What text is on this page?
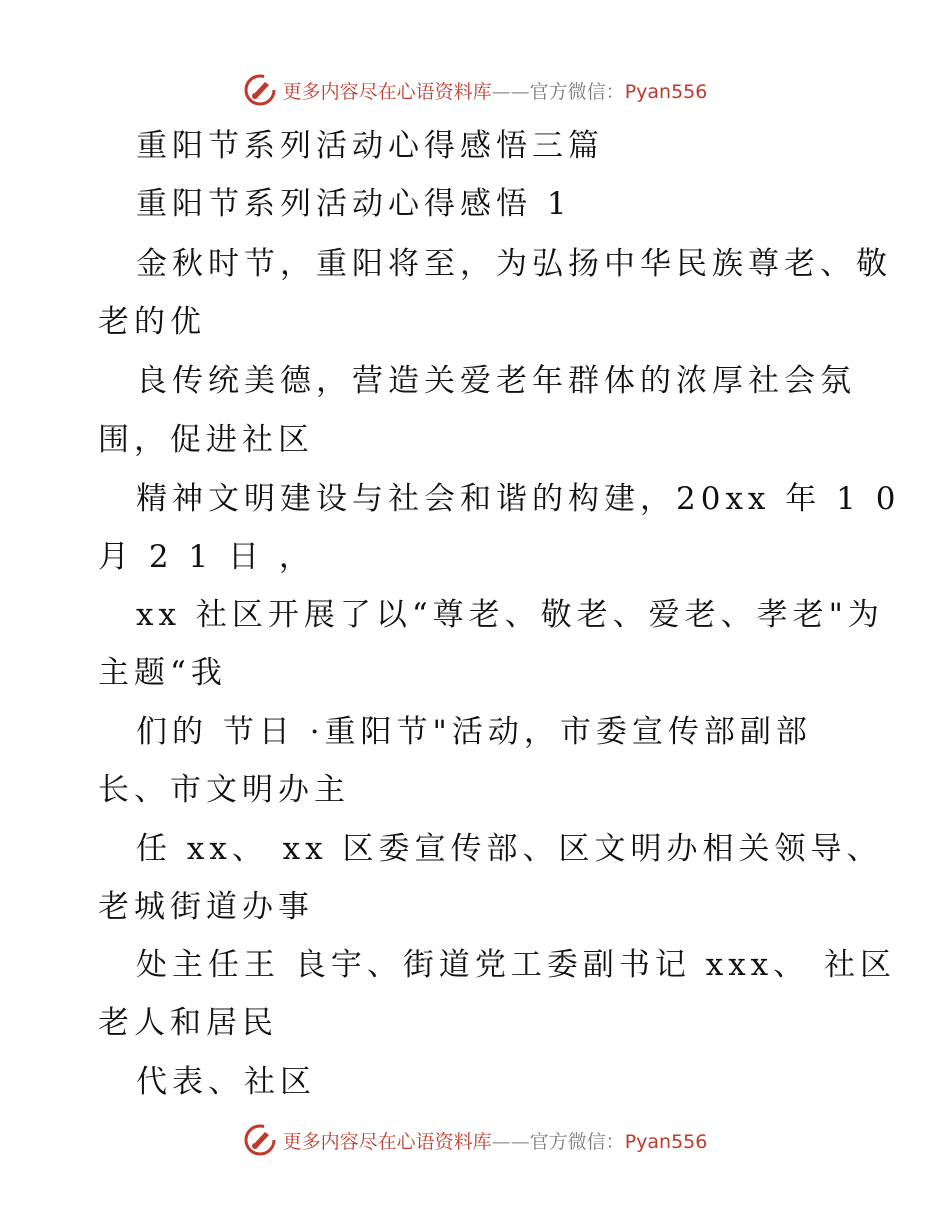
更多内容尽在心语资料库——官方微信：Pyan556
重阳节系列活动心得感悟三篇
重阳节系列活动心得感悟 1
金秋时节，重阳将至，为弘扬中华民族尊老、敬
老的优
良传统美德，营造关爱老年群体的浓厚社会氛
围，促进社区
精神文明建设与社会和谐的构建，20xx 年 1 0
月 2 1 日 ，
xx 社区开展了以“尊老、敬老、爱老、孝老"为
主题“我
们的 节日 ·重阳节"活动，市委宣传部副部
长、市文明办主
任 xx、 xx 区委宣传部、区文明办相关领导、
老城街道办事
处主任王 良宇、街道党工委副书记 xxx、 社区
老人和居民
代表、社区
更多内容尽在心语资料库——官方微信：Pyan556
